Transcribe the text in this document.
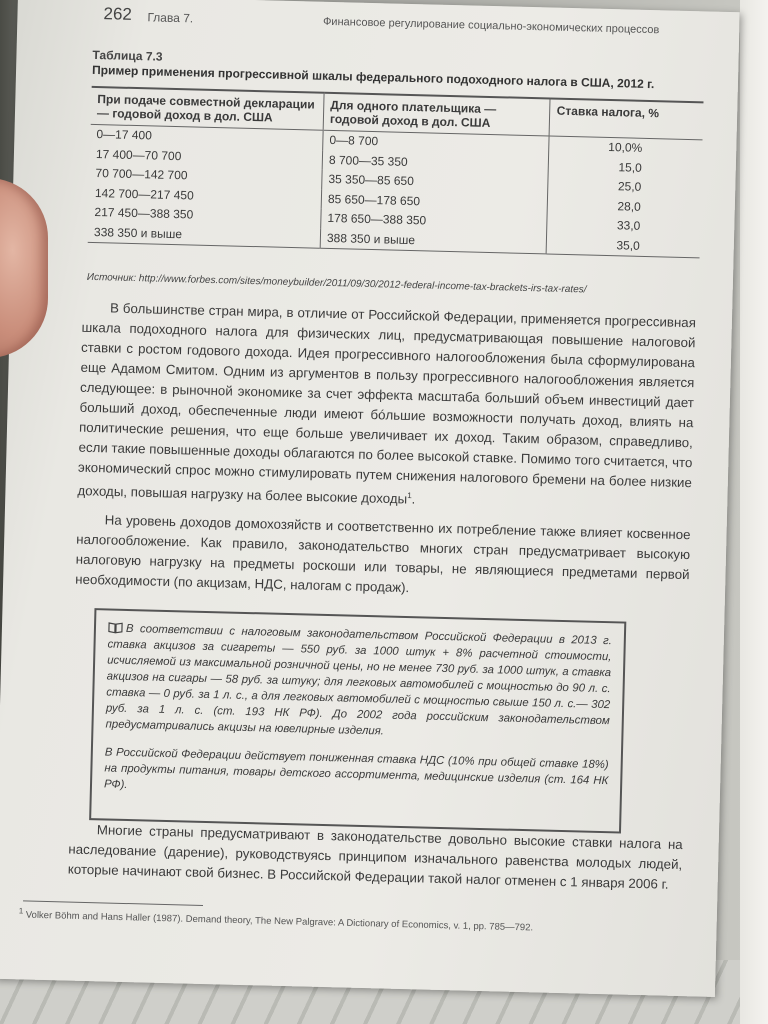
262 Глава 7.	Финансовое регулирование социально-экономических процессов
Таблица 7.3
Пример применения прогрессивной шкалы федерального подоходного налога в США, 2012 г.
При подаче совместной декларации — годовой доход в дол. США	Для одного плательщика — годовой доход в дол. США	Ставка налога, %
0—17 400	0—8 700	10,0%
17 400—70 700	8 700—35 350	15,0
70 700—142 700	35 350—85 650	25,0
142 700—217 450	85 650—178 650	28,0
217 450—388 350	178 650—388 350	33,0
338 350 и выше	388 350 и выше	35,0

Источник: http://www.forbes.com/sites/moneybuilder/2011/09/30/2012-federal-income-tax-brackets-irs-tax-rates/

В большинстве стран мира, в отличие от Российской Федерации, применяется прогрессивная шкала подоходного налога для физических лиц, предусматривающая повышение налоговой ставки с ростом годового дохода. Идея прогрессивного налогообложения была сформулирована еще Адамом Смитом. Одним из аргументов в пользу прогрессивного налогообложения является следующее: в рыночной экономике за счет эффекта масштаба больший объем инвестиций дает больший доход, обеспеченные люди имеют бóльшие возможности получать доход, влиять на политические решения, что еще больше увеличивает их доход. Таким образом, справедливо, если такие повышенные доходы облагаются по более высокой ставке. Помимо того считается, что экономический спрос можно стимулировать путем снижения налогового бремени на более низкие доходы, повышая нагрузку на более высокие доходы$^1$.

На уровень доходов домохозяйств и соответственно их потребление также влияет косвенное налогообложение. Как правило, законодательство многих стран предусматривает высокую налоговую нагрузку на предметы роскоши или товары, не являющиеся предметами первой необходимости (по акцизам, НДС, налогам с продаж).

В соответствии с налоговым законодательством Российской Федерации в 2013 г. ставка акцизов за сигареты — 550 руб. за 1000 штук + 8% расчетной стоимости, исчисляемой из максимальной розничной цены, но не менее 730 руб. за 1000 штук, а ставка акцизов на сигары — 58 руб. за штуку; для легковых автомобилей с мощностью до 90 л. с. ставка — 0 руб. за 1 л. с., а для легковых автомобилей с мощностью свыше 150 л. с.— 302 руб. за 1 л. с. (ст. 193 НК РФ). До 2002 года российским законодательством предусматривались акцизы на ювелирные изделия.

В Российской Федерации действует пониженная ставка НДС (10% при общей ставке 18%) на продукты питания, товары детского ассортимента, медицинские изделия (ст. 164 НК РФ).

Многие страны предусматривают в законодательстве довольно высокие ставки налога на наследование (дарение), руководствуясь принципом изначального равенства молодых людей, которые начинают свой бизнес. В Российской Федерации такой налог отменен с 1 января 2006 г.

$^1$ Volker Böhm and Hans Haller (1987). Demand theory, The New Palgrave: A Dictionary of Economics, v. 1, pp. 785—792.
